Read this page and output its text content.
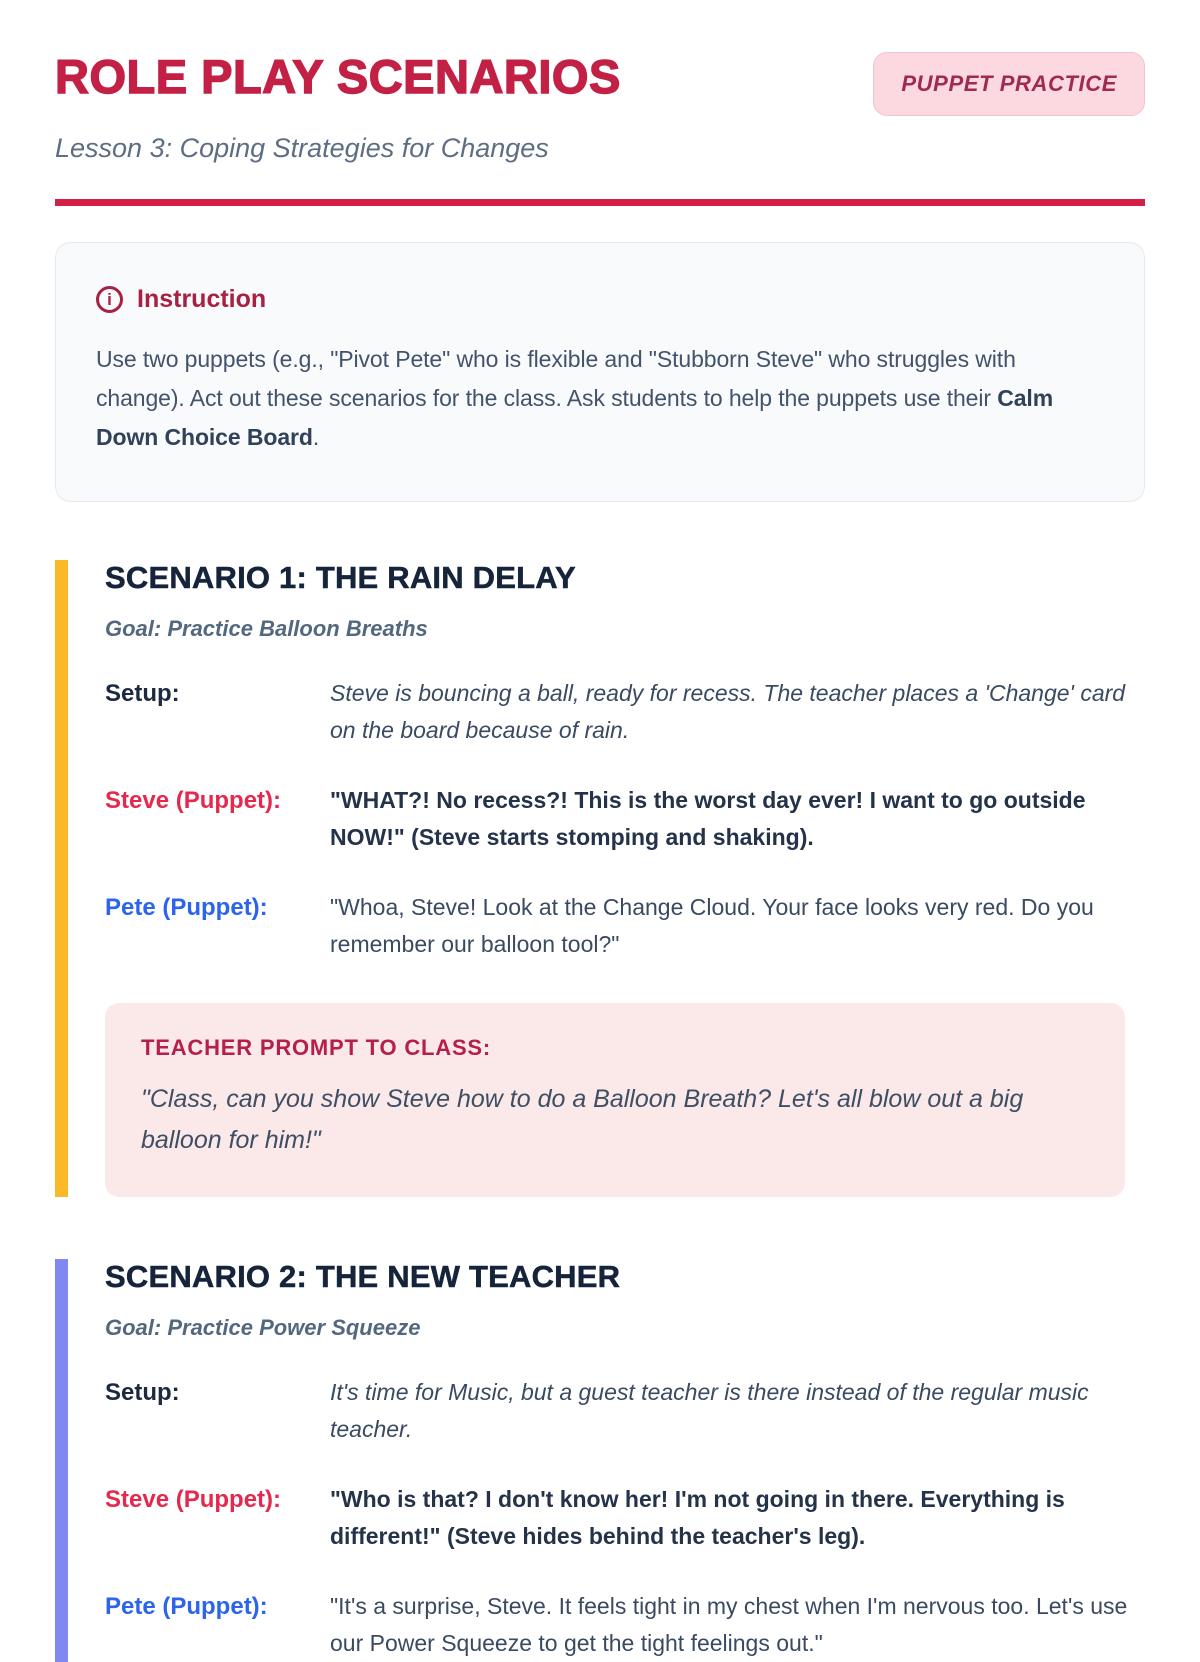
ROLE PLAY SCENARIOS	PUPPET PRACTICE

Lesson 3: Coping Strategies for Changes

i	Instruction

Use two puppets (e.g., "Pivot Pete" who is flexible and "Stubborn Steve" who struggles with change). Act out these scenarios for the class. Ask students to help the puppets use their Calm Down Choice Board.

SCENARIO 1: THE RAIN DELAY

Goal: Practice Balloon Breaths

Setup:	Steve is bouncing a ball, ready for recess. The teacher places a 'Change' card on the board because of rain.
Steve (Puppet):	"WHAT?! No recess?! This is the worst day ever! I want to go outside NOW!" (Steve starts stomping and shaking).
Pete (Puppet):	"Whoa, Steve! Look at the Change Cloud. Your face looks very red. Do you remember our balloon tool?"
TEACHER PROMPT TO CLASS:
"Class, can you show Steve how to do a Balloon Breath? Let's all blow out a big balloon for him!"
SCENARIO 2: THE NEW TEACHER

Goal: Practice Power Squeeze

Setup:	It's time for Music, but a guest teacher is there instead of the regular music teacher.
Steve (Puppet):	"Who is that? I don't know her! I'm not going in there. Everything is different!" (Steve hides behind the teacher's leg).
Pete (Puppet):	"It's a surprise, Steve. It feels tight in my chest when I'm nervous too. Let's use our Power Squeeze to get the tight feelings out."
